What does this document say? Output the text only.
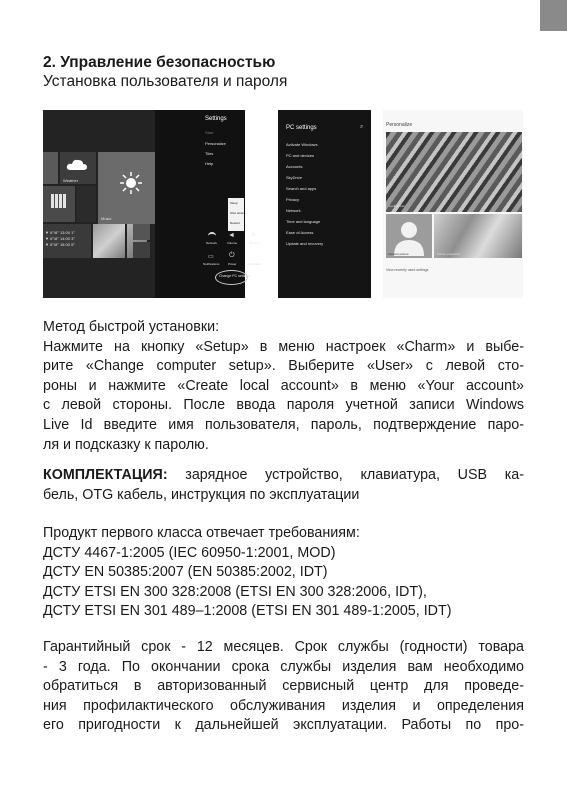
2. Управление безопасностью

Установка пользователя и пароля

Weather
Music
▼ 6°/8° 13:00 1°
▼ 6°/8° 14:00 3°
▼ 6°/8° 15:00 5°
Settings
Start
Personalize
Tiles
Help
Sleep
Shut down
Restart
Network
◄
Volume
☼
Screen
▭
Notifications
⏻
Power
ENG
Keyboard
Change PC settings
PC settings	⌕
Activate Windows
PC and devices
Accounts
SkyDrive
Search and apps
Privacy
Network
Time and language
Ease of Access
Update and recovery
Personalize
Lock screen
Account picture	Picture password
View recently used settings
Метод быстрой установки:
Нажмите на кнопку «Setup» в меню настроек «Charm» и выбе-
рите «Change computer setup». Выберите «User» с левой сто-
роны и нажмите «Create local account» в меню «Your account»
с левой стороны. После ввода пароля учетной записи Windows
Live Id введите имя пользователя, пароль, подтверждение паро-
ля и подсказку к паролю.
КОМПЛЕКТАЦИЯ: зарядное устройство, клавиатура, USB ка-
бель, OTG кабель, инструкция по эксплуатации
Продукт первого класса отвечает требованиям:
ДСТУ 4467-1:2005 (IEC 60950-1:2001, MOD)
ДСТУ EN 50385:2007 (EN 50385:2002, IDT)
ДСТУ ETSI EN 300 328:2008 (ETSI EN 300 328:2006, IDT),
ДСТУ ETSI EN 301 489–1:2008 (ETSI EN 301 489-1:2005, IDT)
Гарантийный срок - 12 месяцев. Срок службы (годности) товара
- 3 года. По окончании срока службы изделия вам необходимо
обратиться в авторизованный сервисный центр для проведе-
ния профилактического обслуживания изделия и определения
его пригодности к дальнейшей эксплуатации. Работы по про-
